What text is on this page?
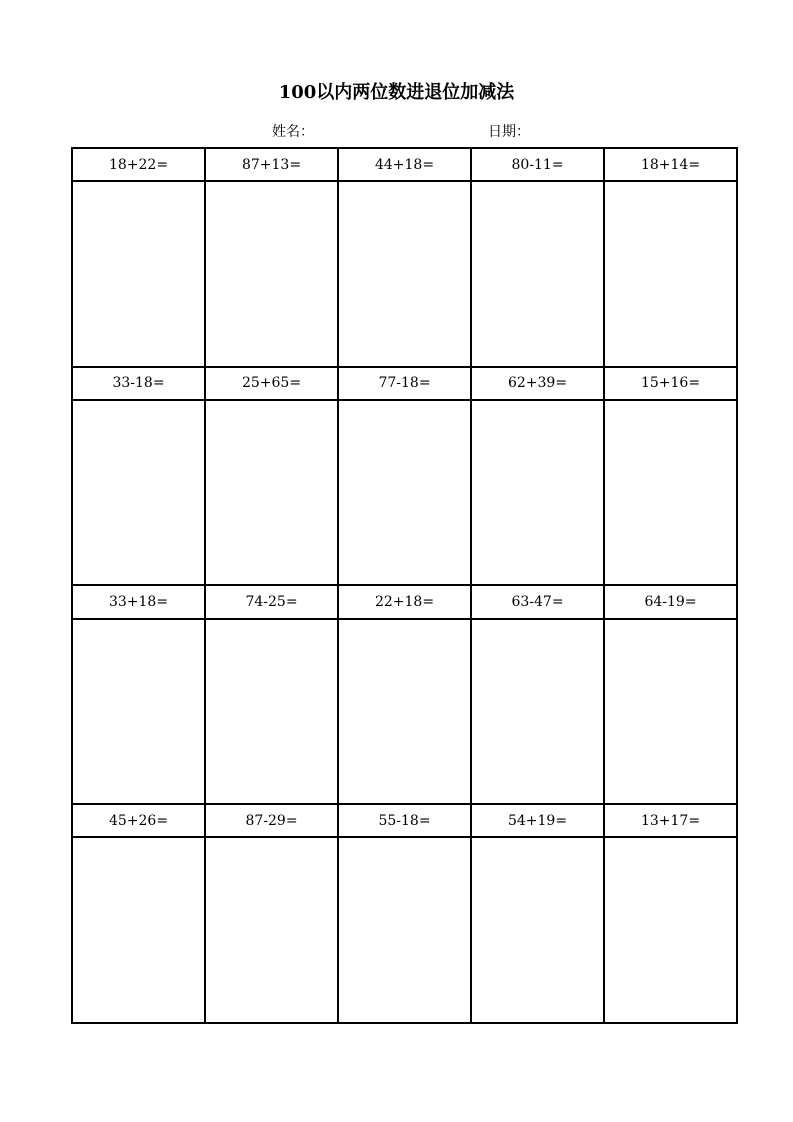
100以内两位数进退位加减法
姓名：	日期：
18+22=	87+13=	44+18=	80-11=	18+14=

33-18=	25+65=	77-18=	62+39=	15+16=

33+18=	74-25=	22+18=	63-47=	64-19=

45+26=	87-29=	55-18=	54+19=	13+17=
